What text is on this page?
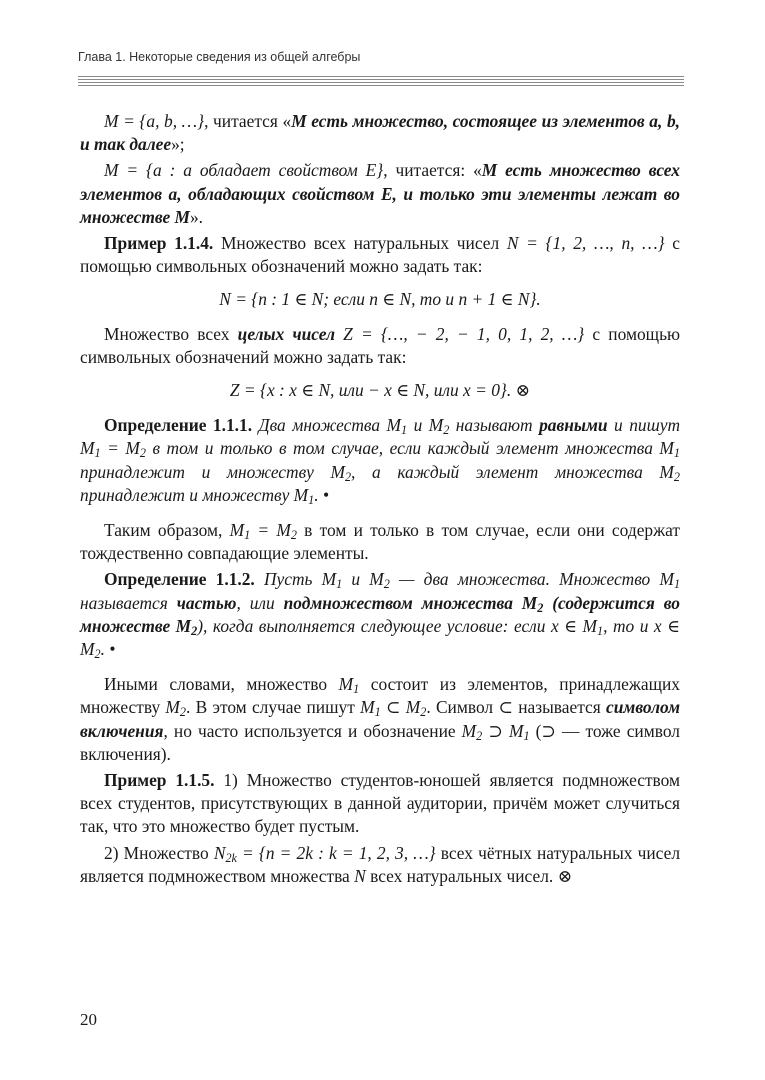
Глава 1. Некоторые сведения из общей алгебры

M = {a, b, …}, читается «M есть множество, состоящее из элементов a, b, и так далее»;

M = {a : a обладает свойством E}, читается: «M есть множество всех элементов a, обладающих свойством E, и только эти элементы лежат во множестве M».

Пример 1.1.4. Множество всех натуральных чисел N = {1, 2, …, n, …} с помощью символьных обозначений можно задать так:

N = {n : 1 ∈ N; если n ∈ N, то и n + 1 ∈ N}.

Множество всех целых чисел Z = {…, − 2, − 1, 0, 1, 2, …} с помощью символьных обозначений можно задать так:

Z = {x : x ∈ N, или − x ∈ N, или x = 0}. ⊗

Определение 1.1.1. Два множества $M_1$ и $M_2$ называют равными и пишут $M_1 = M_2$ в том и только в том случае, если каждый элемент множества $M_1$ принадлежит и множеству $M_2$, а каждый элемент множества $M_2$ принадлежит и множеству $M_1$. •

Таким образом, $M_1 = M_2$ в том и только в том случае, если они содержат тождественно совпадающие элементы.

Определение 1.1.2. Пусть $M_1$ и $M_2$ — два множества. Множество $M_1$ называется частью, или подмножеством множества $M_2$ (содержится во множестве $M_2$), когда выполняется следующее условие: если x ∈ $M_1$, то и x ∈ $M_2$. •

Иными словами, множество $M_1$ состоит из элементов, принадлежащих множеству $M_2$. В этом случае пишут $M_1$ ⊂ $M_2$. Символ ⊂ называется символом включения, но часто используется и обозначение $M_2$ ⊃ $M_1$ (⊃ — тоже символ включения).

Пример 1.1.5. 1) Множество студентов-юношей является подмножеством всех студентов, присутствующих в данной аудитории, причём может случиться так, что это множество будет пустым.

2) Множество $N_{2k} = \{n = 2k$ : k = 1, 2, 3, …} всех чётных натуральных чисел является подмножеством множества N всех натуральных чисел. ⊗

20
